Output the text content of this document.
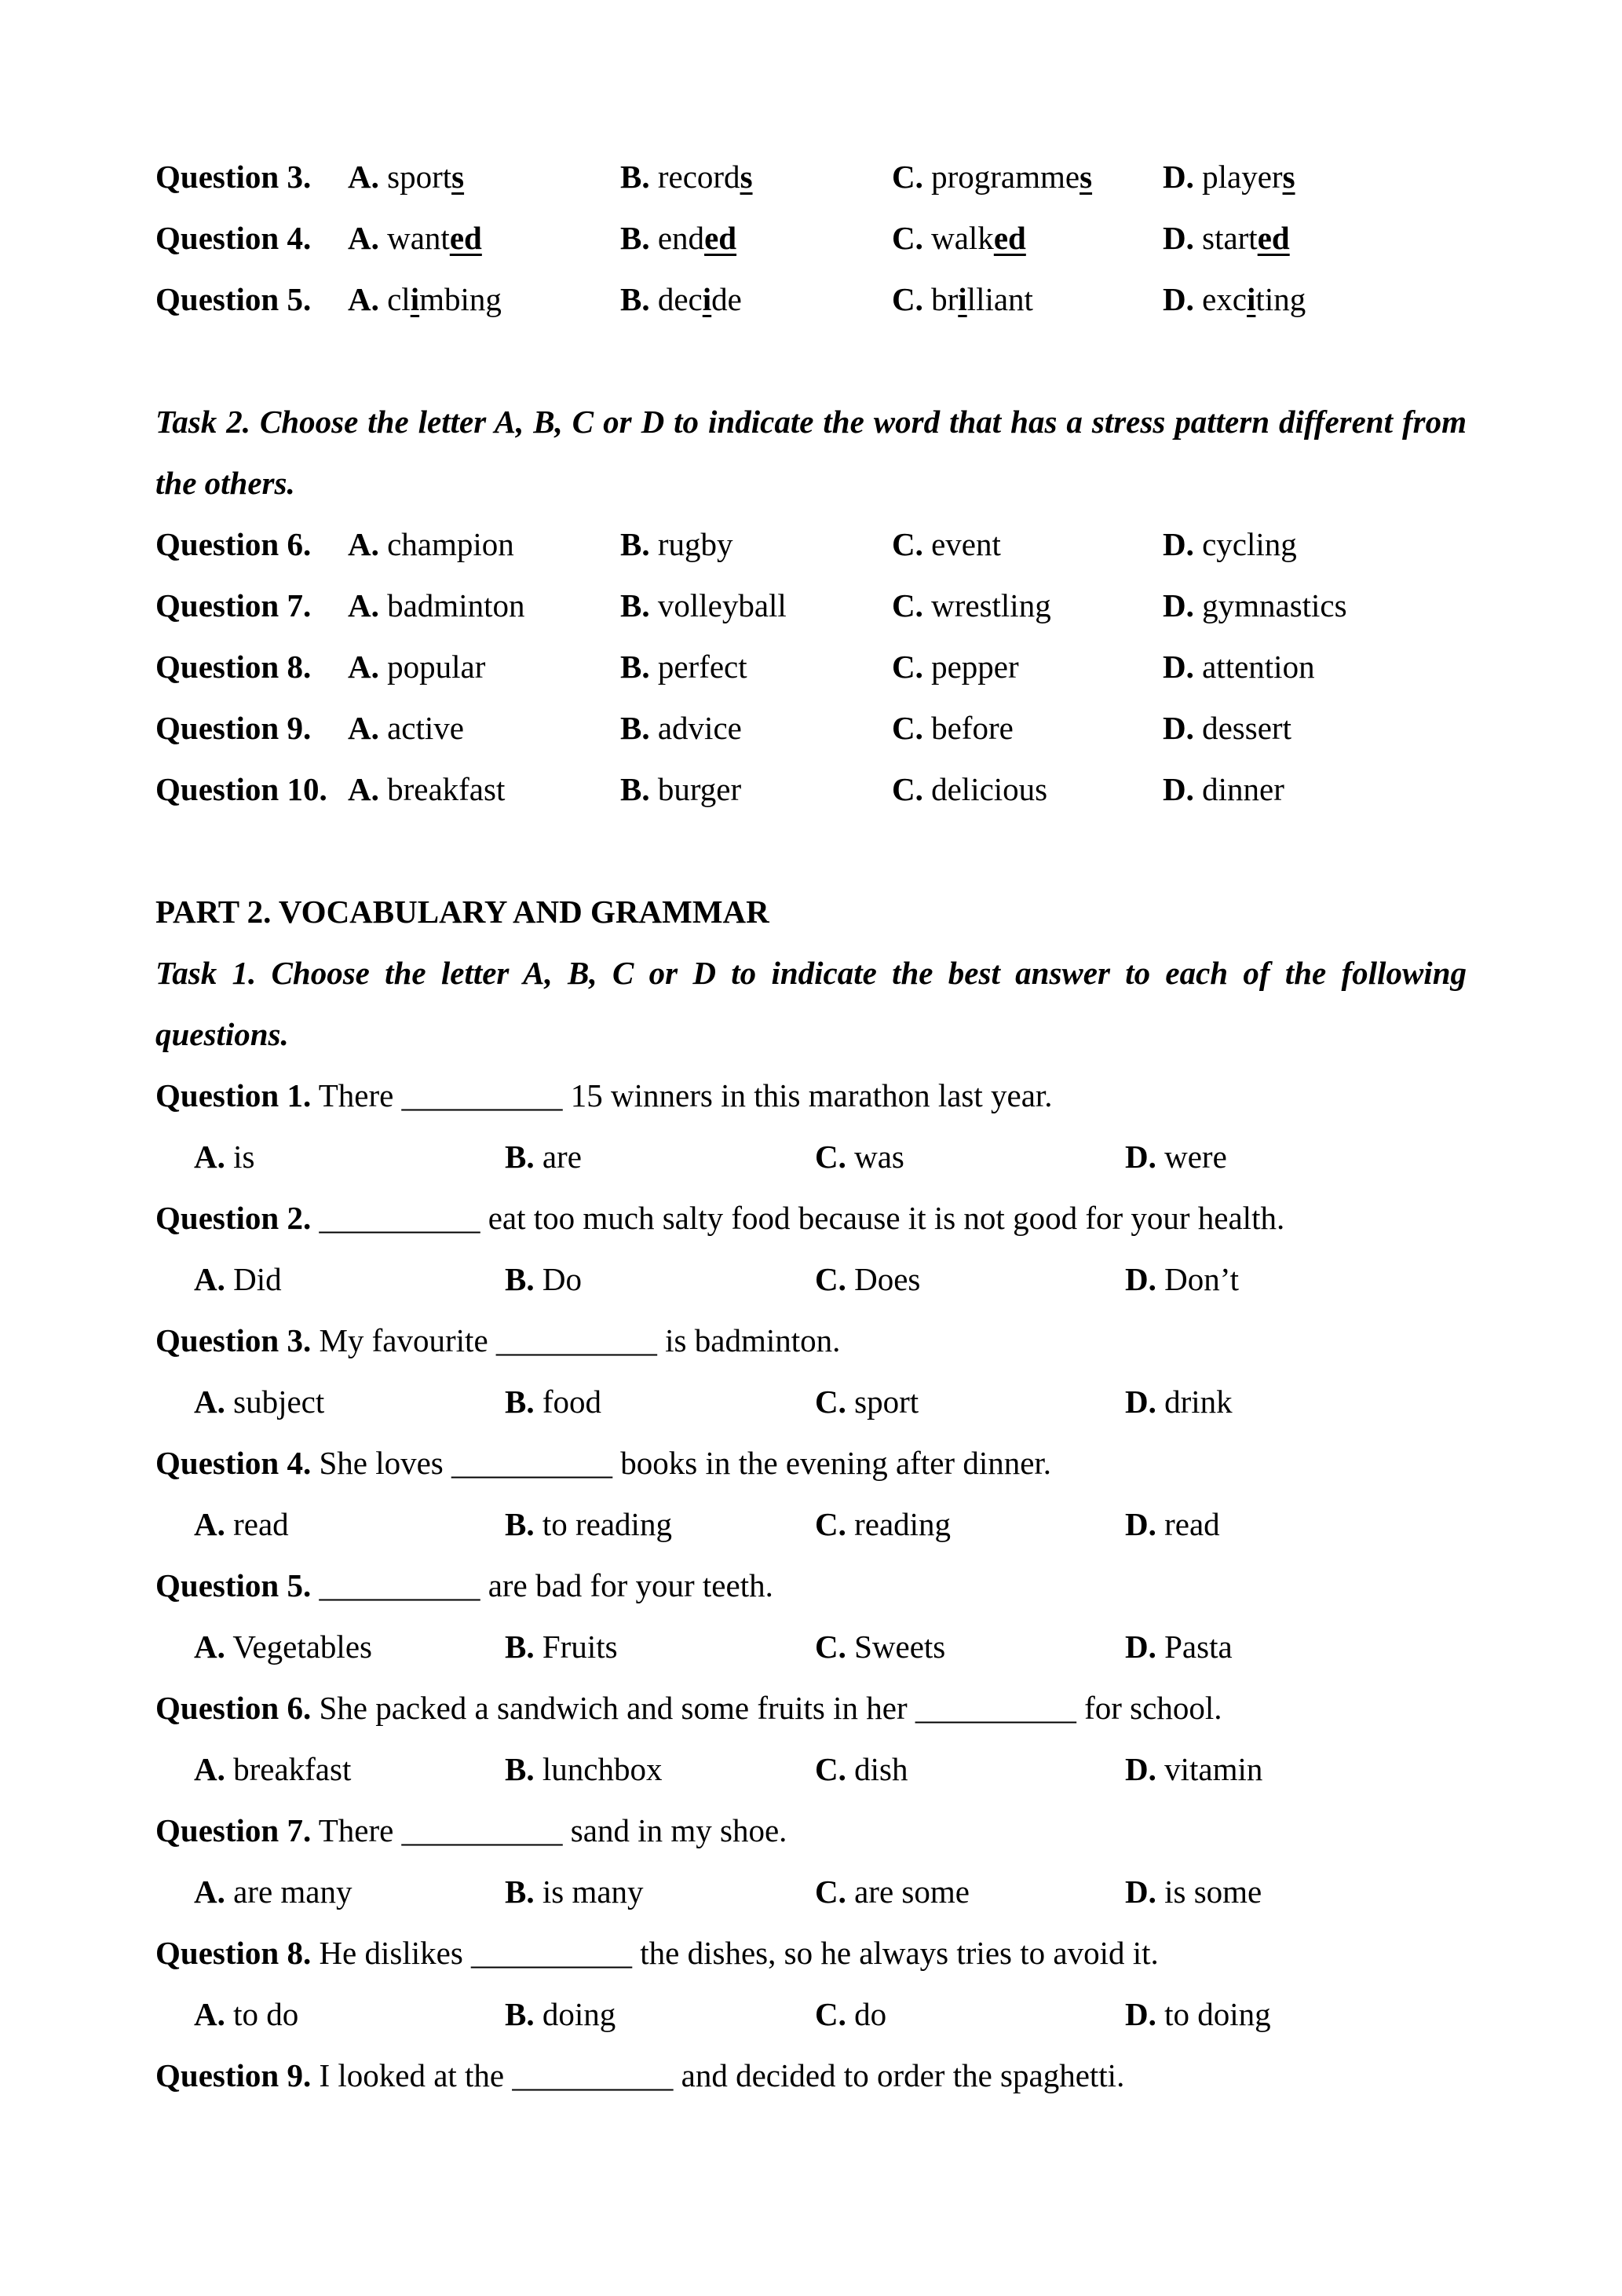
Question 3. A. sports	B. records	C. programmes D. players
Question 4. A. wanted	B. ended	C. walked	D. started
Question 5. A. climbing	B. decide	C. brilliant	D. exciting
Task 2. Choose the letter A, B, C or D to indicate the word that has a stress pattern different from the others.
Question 6. A. champion	B. rugby	C. event	D. cycling
Question 7. A. badminton	B. volleyball	C. wrestling	D. gymnastics
Question 8. A. popular	B. perfect	C. pepper	D. attention
Question 9. A. active	B. advice	C. before	D. dessert
Question 10. A. breakfast	B. burger	C. delicious	D. dinner
PART 2. VOCABULARY AND GRAMMAR
Task 1. Choose the letter A, B, C or D to indicate the best answer to each of the following questions.
Question 1. There __________ 15 winners in this marathon last year.
A. is	B. are	C. was	D. were
Question 2. __________ eat too much salty food because it is not good for your health.
A. Did	B. Do	C. Does	D. Don’t
Question 3. My favourite __________ is badminton.
A. subject	B. food	C. sport	D. drink
Question 4. She loves __________ books in the evening after dinner.
A. read	B. to reading	C. reading	D. read
Question 5. __________ are bad for your teeth.
A. Vegetables	B. Fruits	C. Sweets	D. Pasta
Question 6. She packed a sandwich and some fruits in her __________ for school.
A. breakfast	B. lunchbox	C. dish	D. vitamin
Question 7. There __________ sand in my shoe.
A. are many	B. is many	C. are some	D. is some
Question 8. He dislikes __________ the dishes, so he always tries to avoid it.
A. to do	B. doing	C. do	D. to doing
Question 9. I looked at the __________ and decided to order the spaghetti.
